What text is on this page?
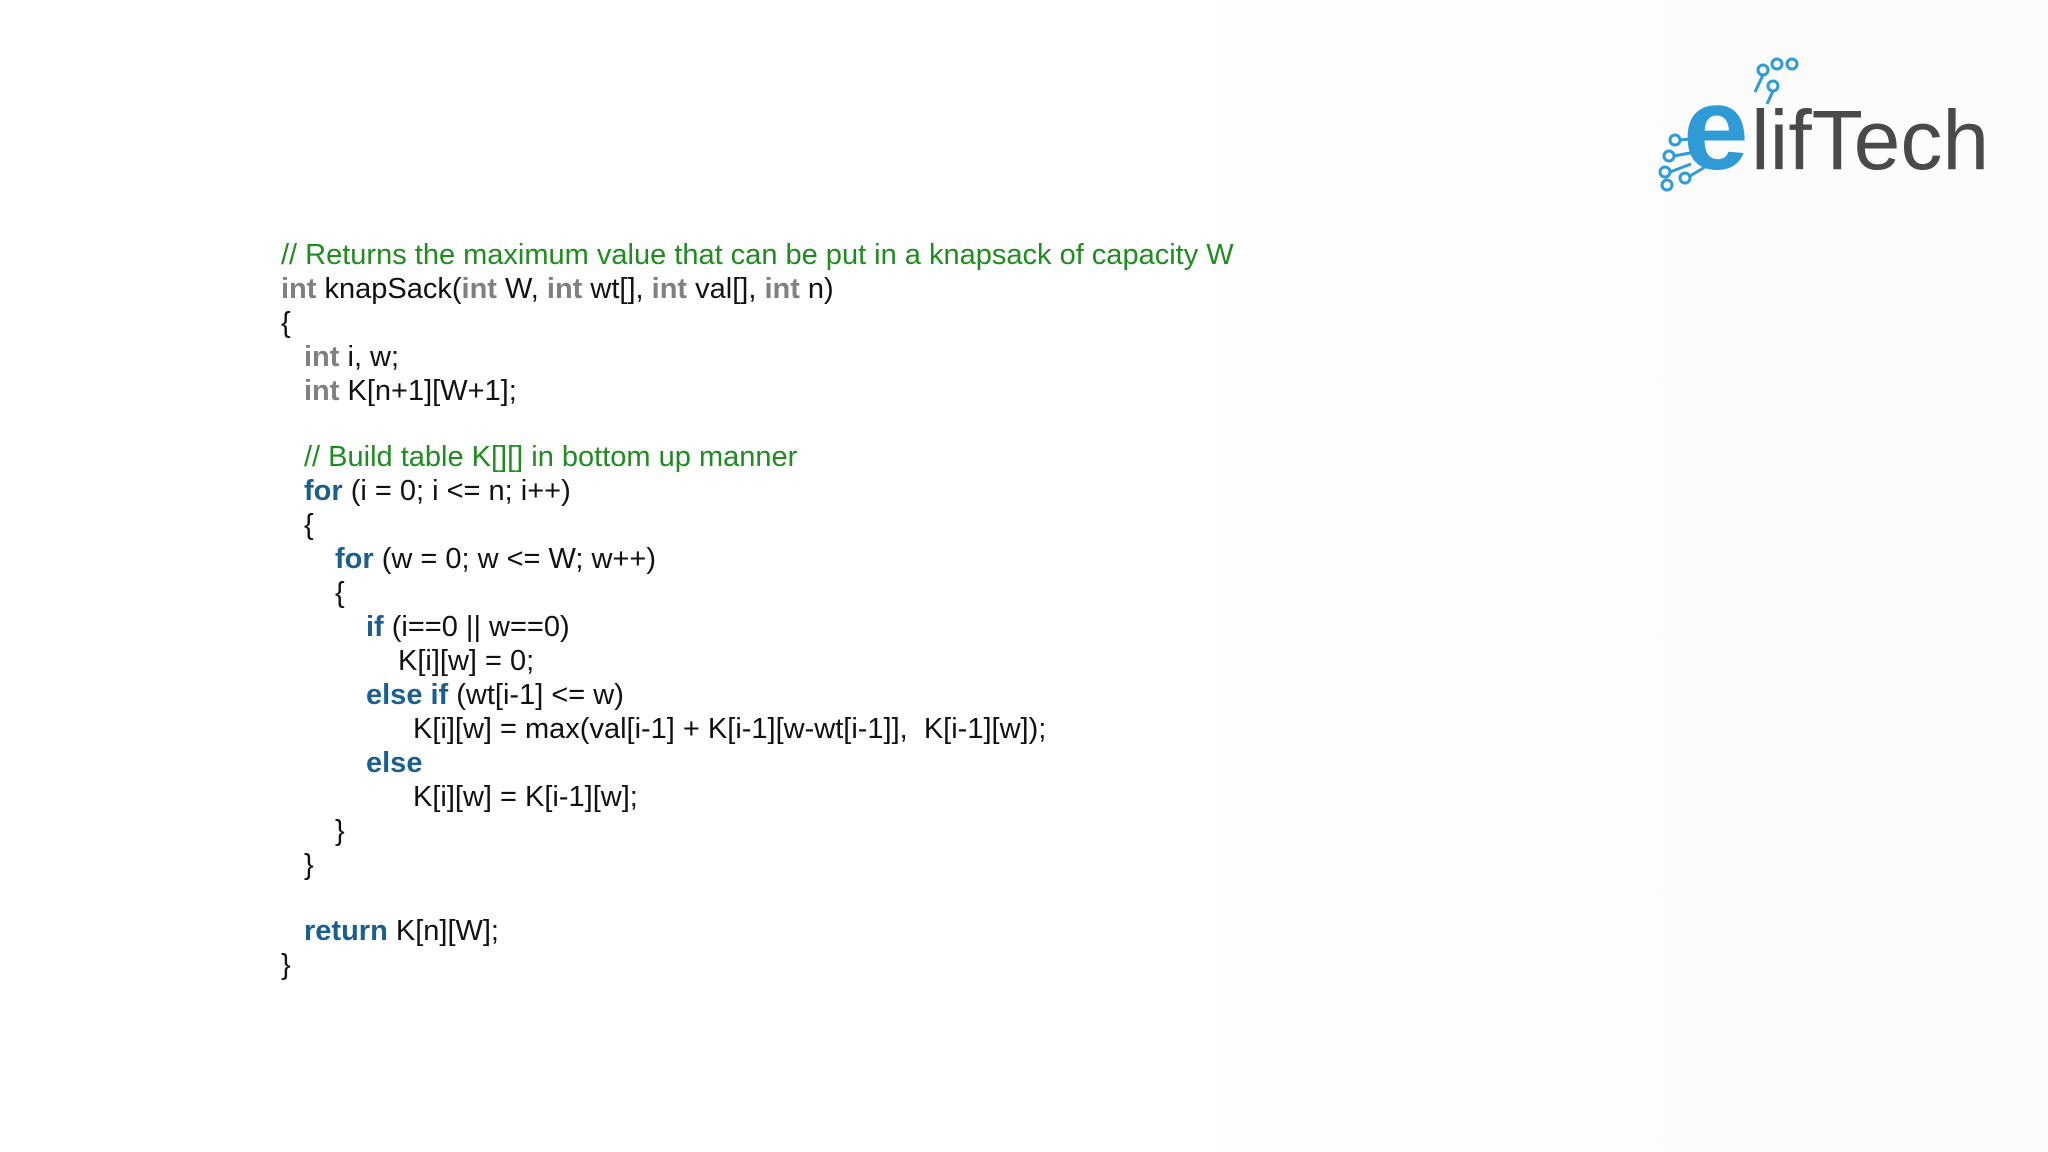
e lifTech
// Returns the maximum value that can be put in a knapsack of capacity W
int knapSack(int W, int wt[], int val[], int n)
{
int i, w;
int K[n+1][W+1];
// Build table K[][] in bottom up manner
for (i = 0; i <= n; i++)
{
for (w = 0; w <= W; w++)
{
if (i==0 || w==0)
K[i][w] = 0;
else if (wt[i-1] <= w)
K[i][w] = max(val[i-1] + K[i-1][w-wt[i-1]],  K[i-1][w]);
else
K[i][w] = K[i-1][w];
}
}
return K[n][W];
}
